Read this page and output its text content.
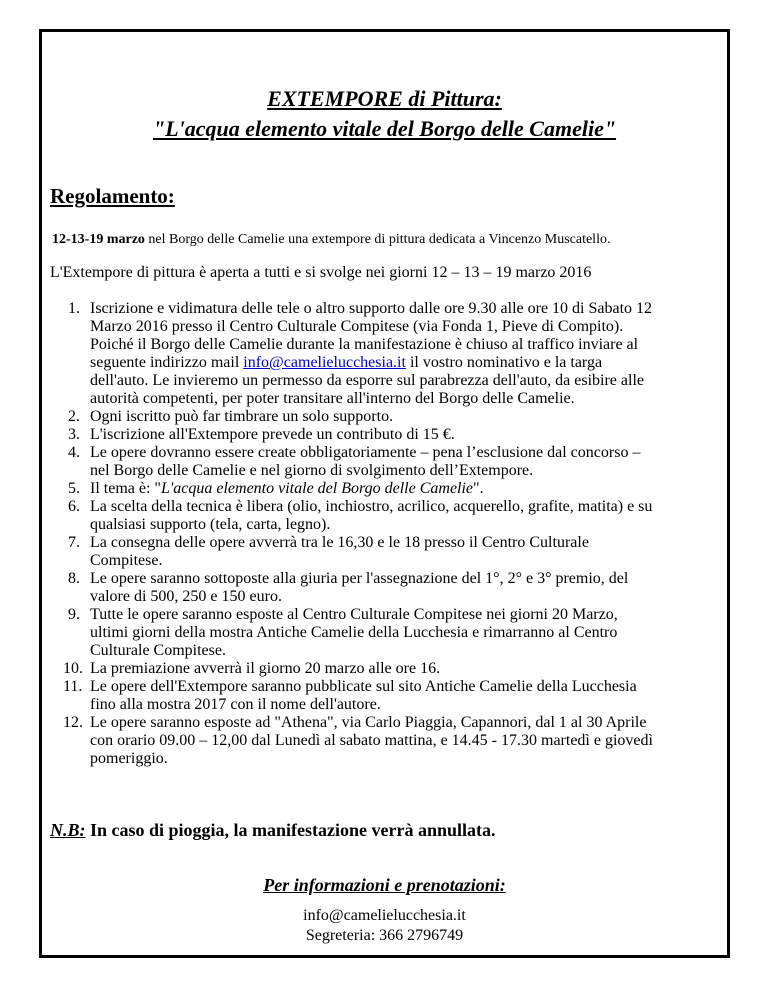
EXTEMPORE di Pittura:
"L'acqua elemento vitale del Borgo delle Camelie"
Regolamento:
12-13-19 marzo nel Borgo delle Camelie una extempore di pittura dedicata a Vincenzo Muscatello.
L'Extempore di pittura è aperta a tutti e si svolge nei giorni 12 – 13 – 19 marzo 2016
1. Iscrizione e vidimatura delle tele o altro supporto dalle ore 9.30 alle ore 10 di Sabato 12
Marzo 2016 presso il Centro Culturale Compitese (via Fonda 1, Pieve di Compito).
Poiché il Borgo delle Camelie durante la manifestazione è chiuso al traffico inviare al
seguente indirizzo mail info@camelielucchesia.it il vostro nominativo e la targa
dell'auto. Le invieremo un permesso da esporre sul parabrezza dell'auto, da esibire alle
autorità competenti, per poter transitare all'interno del Borgo delle Camelie.
2. Ogni iscritto può far timbrare un solo supporto.
3. L'iscrizione all'Extempore prevede un contributo di 15 €.
4. Le opere dovranno essere create obbligatoriamente – pena l’esclusione dal concorso –
nel Borgo delle Camelie e nel giorno di svolgimento dell’Extempore.
5. Il tema è: "L'acqua elemento vitale del Borgo delle Camelie".
6. La scelta della tecnica è libera (olio, inchiostro, acrilico, acquerello, grafite, matita) e su
qualsiasi supporto (tela, carta, legno).
7. La consegna delle opere avverrà tra le 16,30 e le 18 presso il Centro Culturale
Compitese.
8. Le opere saranno sottoposte alla giuria per l'assegnazione del 1°, 2° e 3° premio, del
valore di 500, 250 e 150 euro.
9. Tutte le opere saranno esposte al Centro Culturale Compitese nei giorni 20 Marzo,
ultimi giorni della mostra Antiche Camelie della Lucchesia e rimarranno al Centro
Culturale Compitese.
10. La premiazione avverrà il giorno 20 marzo alle ore 16.
11. Le opere dell'Extempore saranno pubblicate sul sito Antiche Camelie della Lucchesia
fino alla mostra 2017 con il nome dell'autore.
12. Le opere saranno esposte ad "Athena", via Carlo Piaggia, Capannori, dal 1 al 30 Aprile
con orario 09.00 – 12,00 dal Lunedì al sabato mattina, e 14.45 - 17.30 martedì e giovedì
pomeriggio.
N.B: In caso di pioggia, la manifestazione verrà annullata.
Per informazioni e prenotazioni:
info@camelielucchesia.it
Segreteria: 366 2796749
